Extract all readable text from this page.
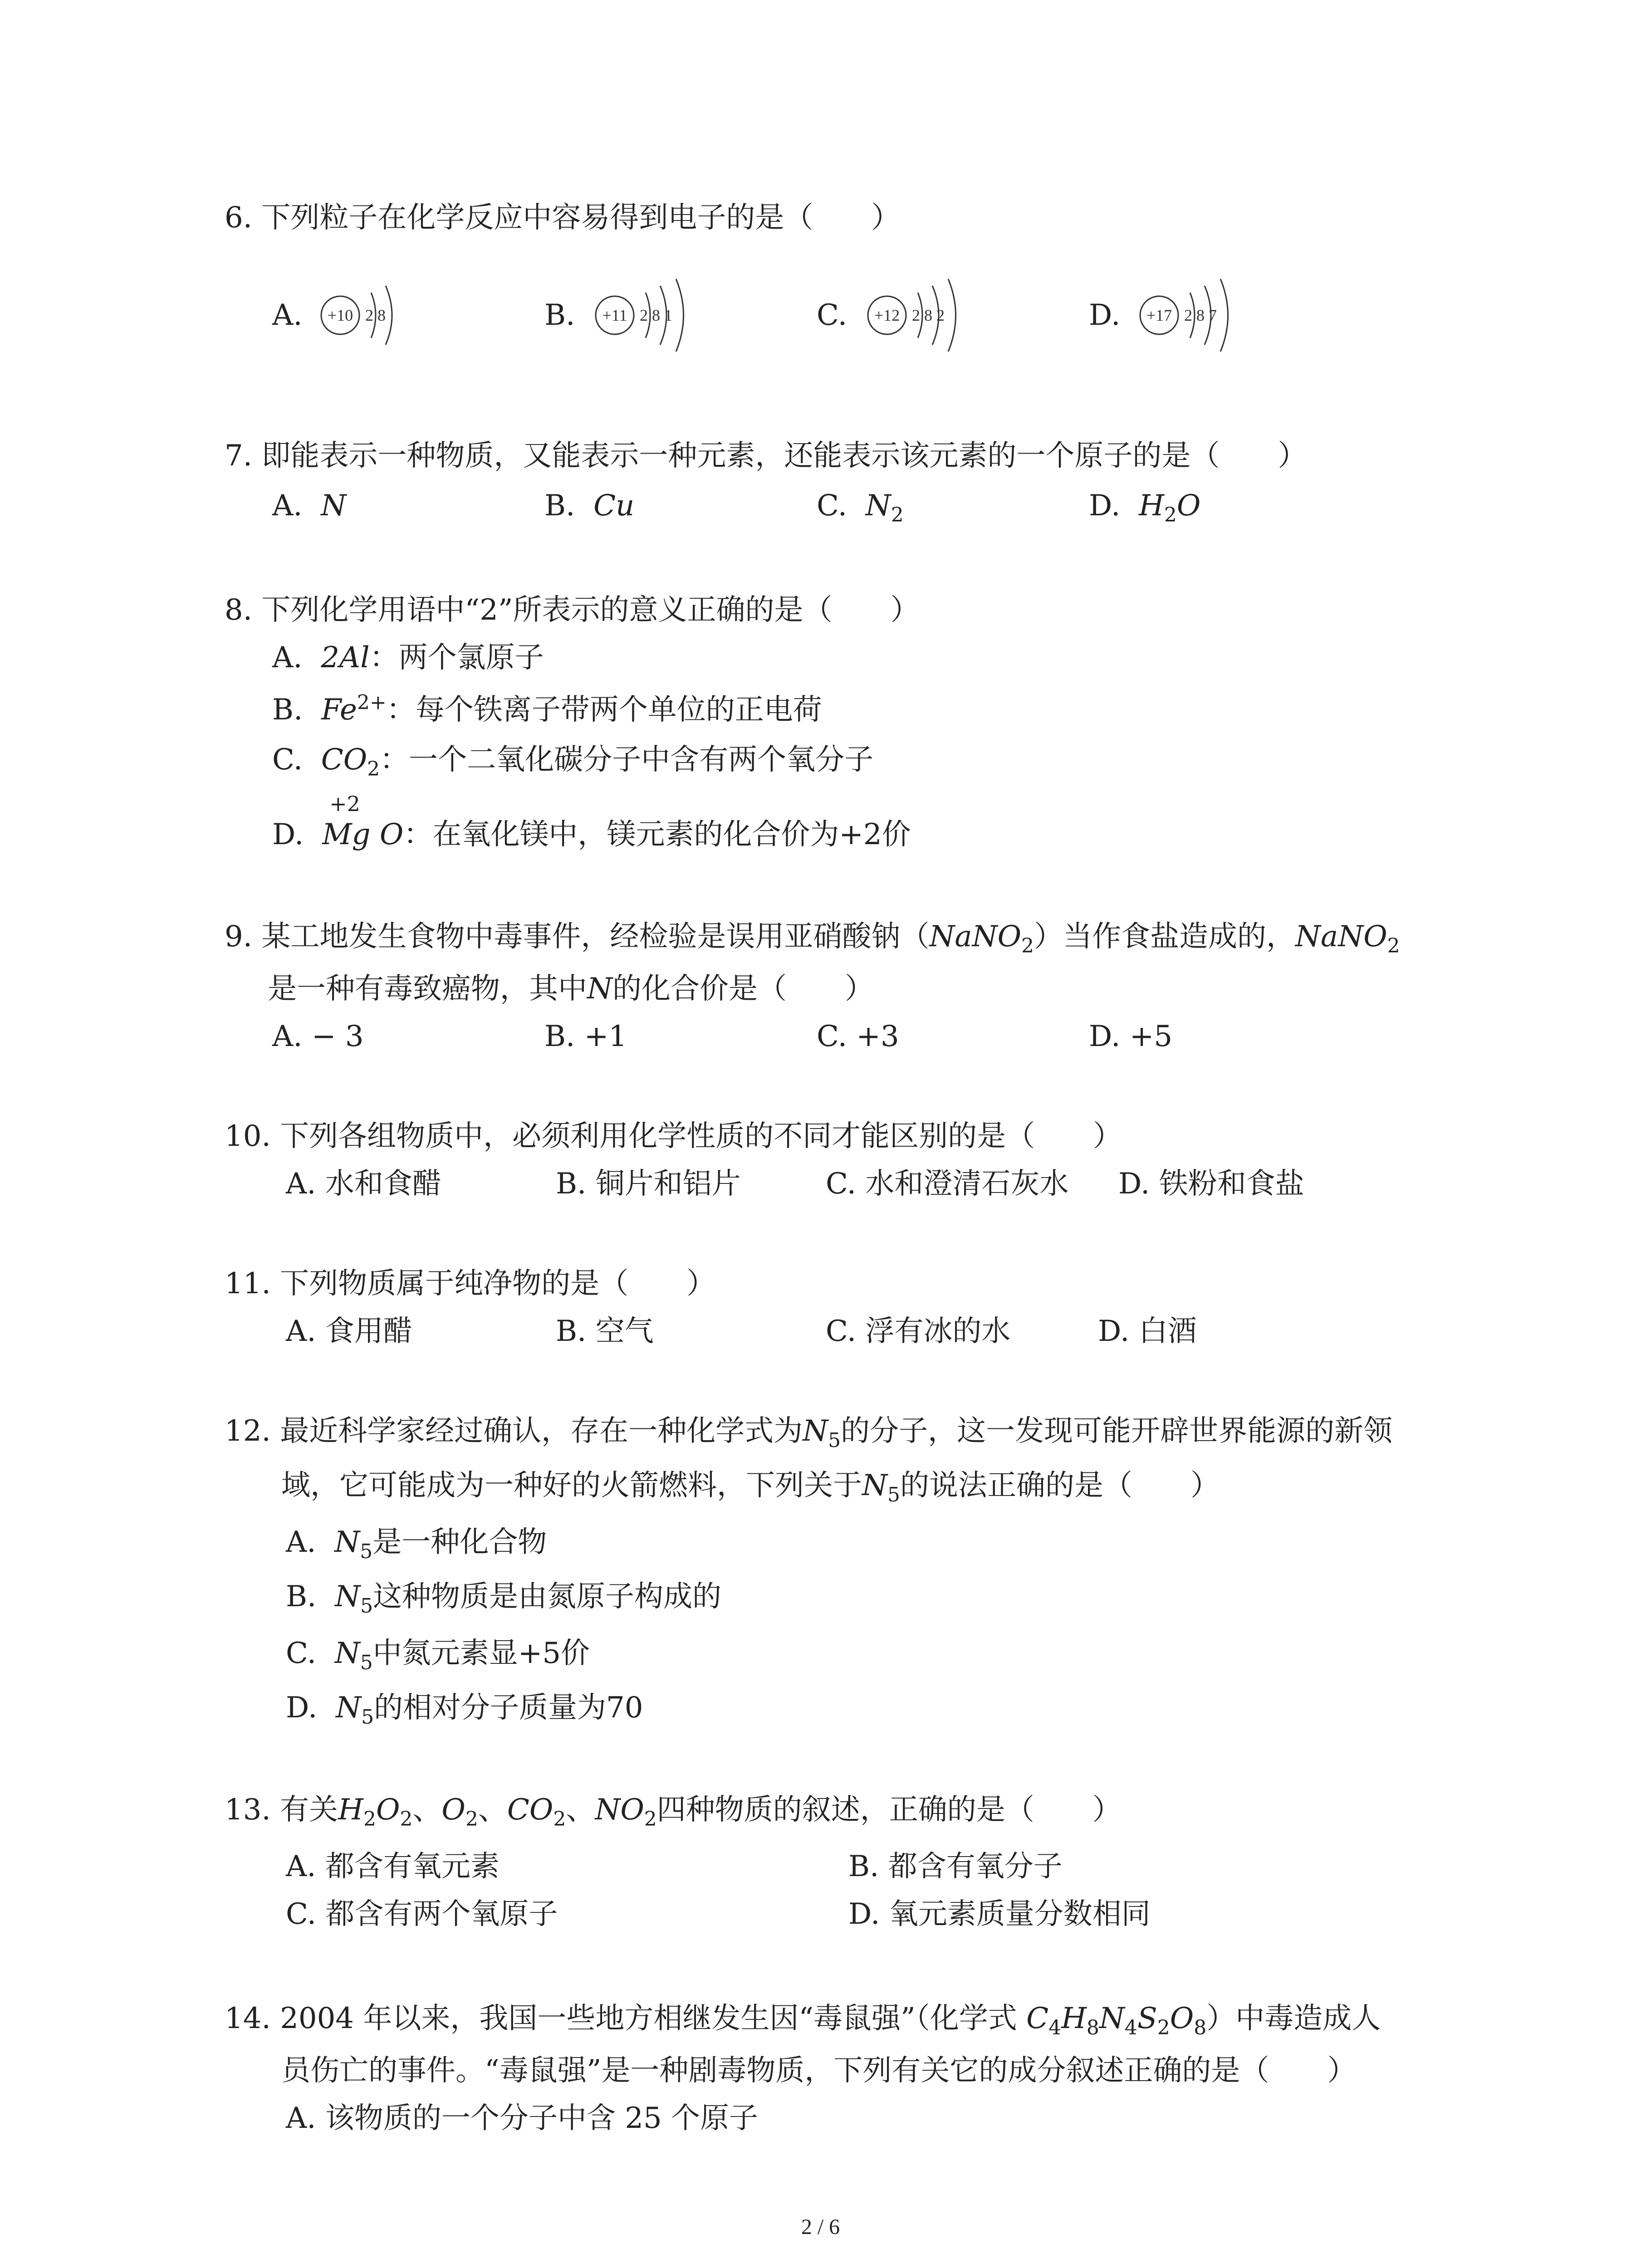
6. 下列粒子在化学反应中容易得到电子的是（　　）
A. +10 2 8	B. +11 2 8 1	C. +12 2 8 2	D. +17 2 8 7
7. 即能表示一种物质，又能表示一种元素，还能表示该元素的一个原子的是（　　）
A. N	B. Cu	C. $N_2$	D. $H_2O$
8. 下列化学用语中“2”所表示的意义正确的是（　　）
A. 2Al：两个氯原子
B. $Fe^{2+}$：每个铁离子带两个单位的正电荷
C. $CO_2$：一个二氧化碳分子中含有两个氧分子
D.
+2
Mg O：在氧化镁中，镁元素的化合价为+2价
9. 某工地发生食物中毒事件，经检验是误用亚硝酸钠（NaNO$_2$）当作食盐造成的，NaNO$_2$
是一种有毒致癌物，其中N的化合价是（　　）
A. − 3	B. +1	C. +3	D. +5
10. 下列各组物质中，必须利用化学性质的不同才能区别的是（　　）
A. 水和食醋	B. 铜片和铝片	C. 水和澄清石灰水 D. 铁粉和食盐
11. 下列物质属于纯净物的是（　　）
A. 食用醋	B. 空气	C. 浮有冰的水	D. 白酒
12. 最近科学家经过确认，存在一种化学式为$N_5$的分子，这一发现可能开辟世界能源的新领
域，它可能成为一种好的火箭燃料，下列关于$N_5$的说法正确的是（　　）
A. $N_5$是一种化合物
B. $N_5$这种物质是由氮原子构成的
C. $N_5$中氮元素显+5价
D. $N_5$的相对分子质量为70
13. 有关$H_2O_2$、$O_2$、$CO_2$、$NO_2$四种物质的叙述，正确的是（　　）
A. 都含有氧元素	B. 都含有氧分子
C. 都含有两个氧原子	D. 氧元素质量分数相同
14. 2004 年以来，我国一些地方相继发生因“毒鼠强”（化学式 $C_4H_8N_4S_2O_8$）中毒造成人
员伤亡的事件。“毒鼠强”是一种剧毒物质，下列有关它的成分叙述正确的是（　　）
A. 该物质的一个分子中含 25 个原子
2 / 6
